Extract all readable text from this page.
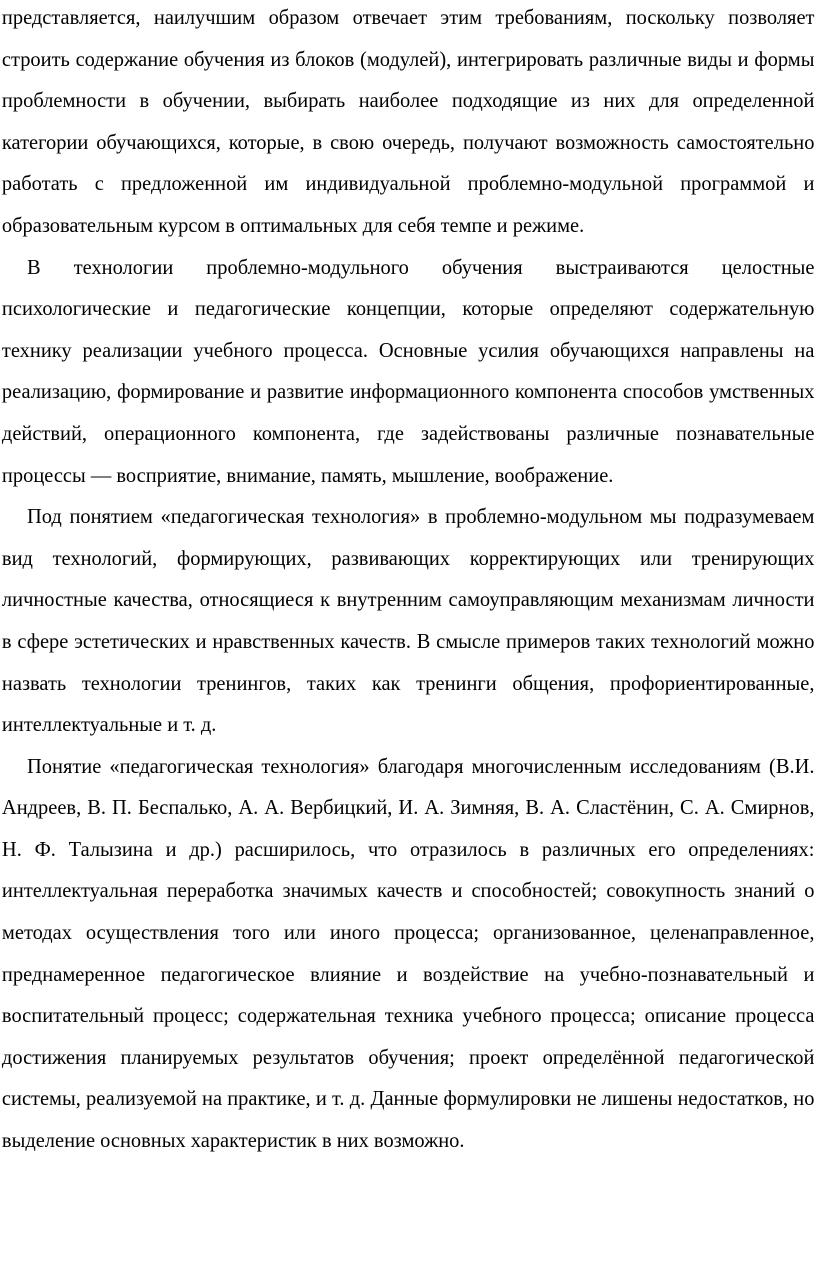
представляется, наилучшим образом отвечает этим требованиям, поскольку позволяет строить содержание обучения из блоков (модулей), интегрировать различные виды и формы проблемности в обучении, выбирать наиболее подходящие из них для определенной категории обучающихся, которые, в свою очередь, получают возможность самостоятельно работать с предложенной им индивидуальной проблемно-модульной программой и образовательным курсом в оптимальных для себя темпе и режиме.

В технологии проблемно-модульного обучения выстраиваются целостные психологические и педагогические концепции, которые определяют содержательную технику реализации учебного процесса. Основные усилия обучающихся направлены на реализацию, формирование и развитие информационного компонента способов умственных действий, операционного компонента, где задействованы различные познавательные процессы — восприятие, внимание, память, мышление, воображение.

Под понятием «педагогическая технология» в проблемно-модульном мы подразумеваем вид технологий, формирующих, развивающих корректирующих или тренирующих личностные качества, относящиеся к внутренним самоуправляющим механизмам личности в сфере эстетических и нравственных качеств. В смысле примеров таких технологий можно назвать технологии тренингов, таких как тренинги общения, профориентированные, интеллектуальные и т. д.

Понятие «педагогическая технология» благодаря многочисленным исследованиям (В.И. Андреев, В. П. Беспалько, А. А. Вербицкий, И. А. Зимняя, В. А. Сластёнин, С. А. Смирнов, Н. Ф. Талызина и др.) расширилось, что отразилось в различных его определениях: интеллектуальная переработка значимых качеств и способностей; совокупность знаний о методах осуществления того или иного процесса; организованное, целенаправленное, преднамеренное педагогическое влияние и воздействие на учебно-познавательный и воспитательный процесс; содержательная техника учебного процесса; описание процесса достижения планируемых результатов обучения; проект определённой педагогической системы, реализуемой на практике, и т. д. Данные формулировки не лишены недостатков, но выделение основных характеристик в них возможно.
